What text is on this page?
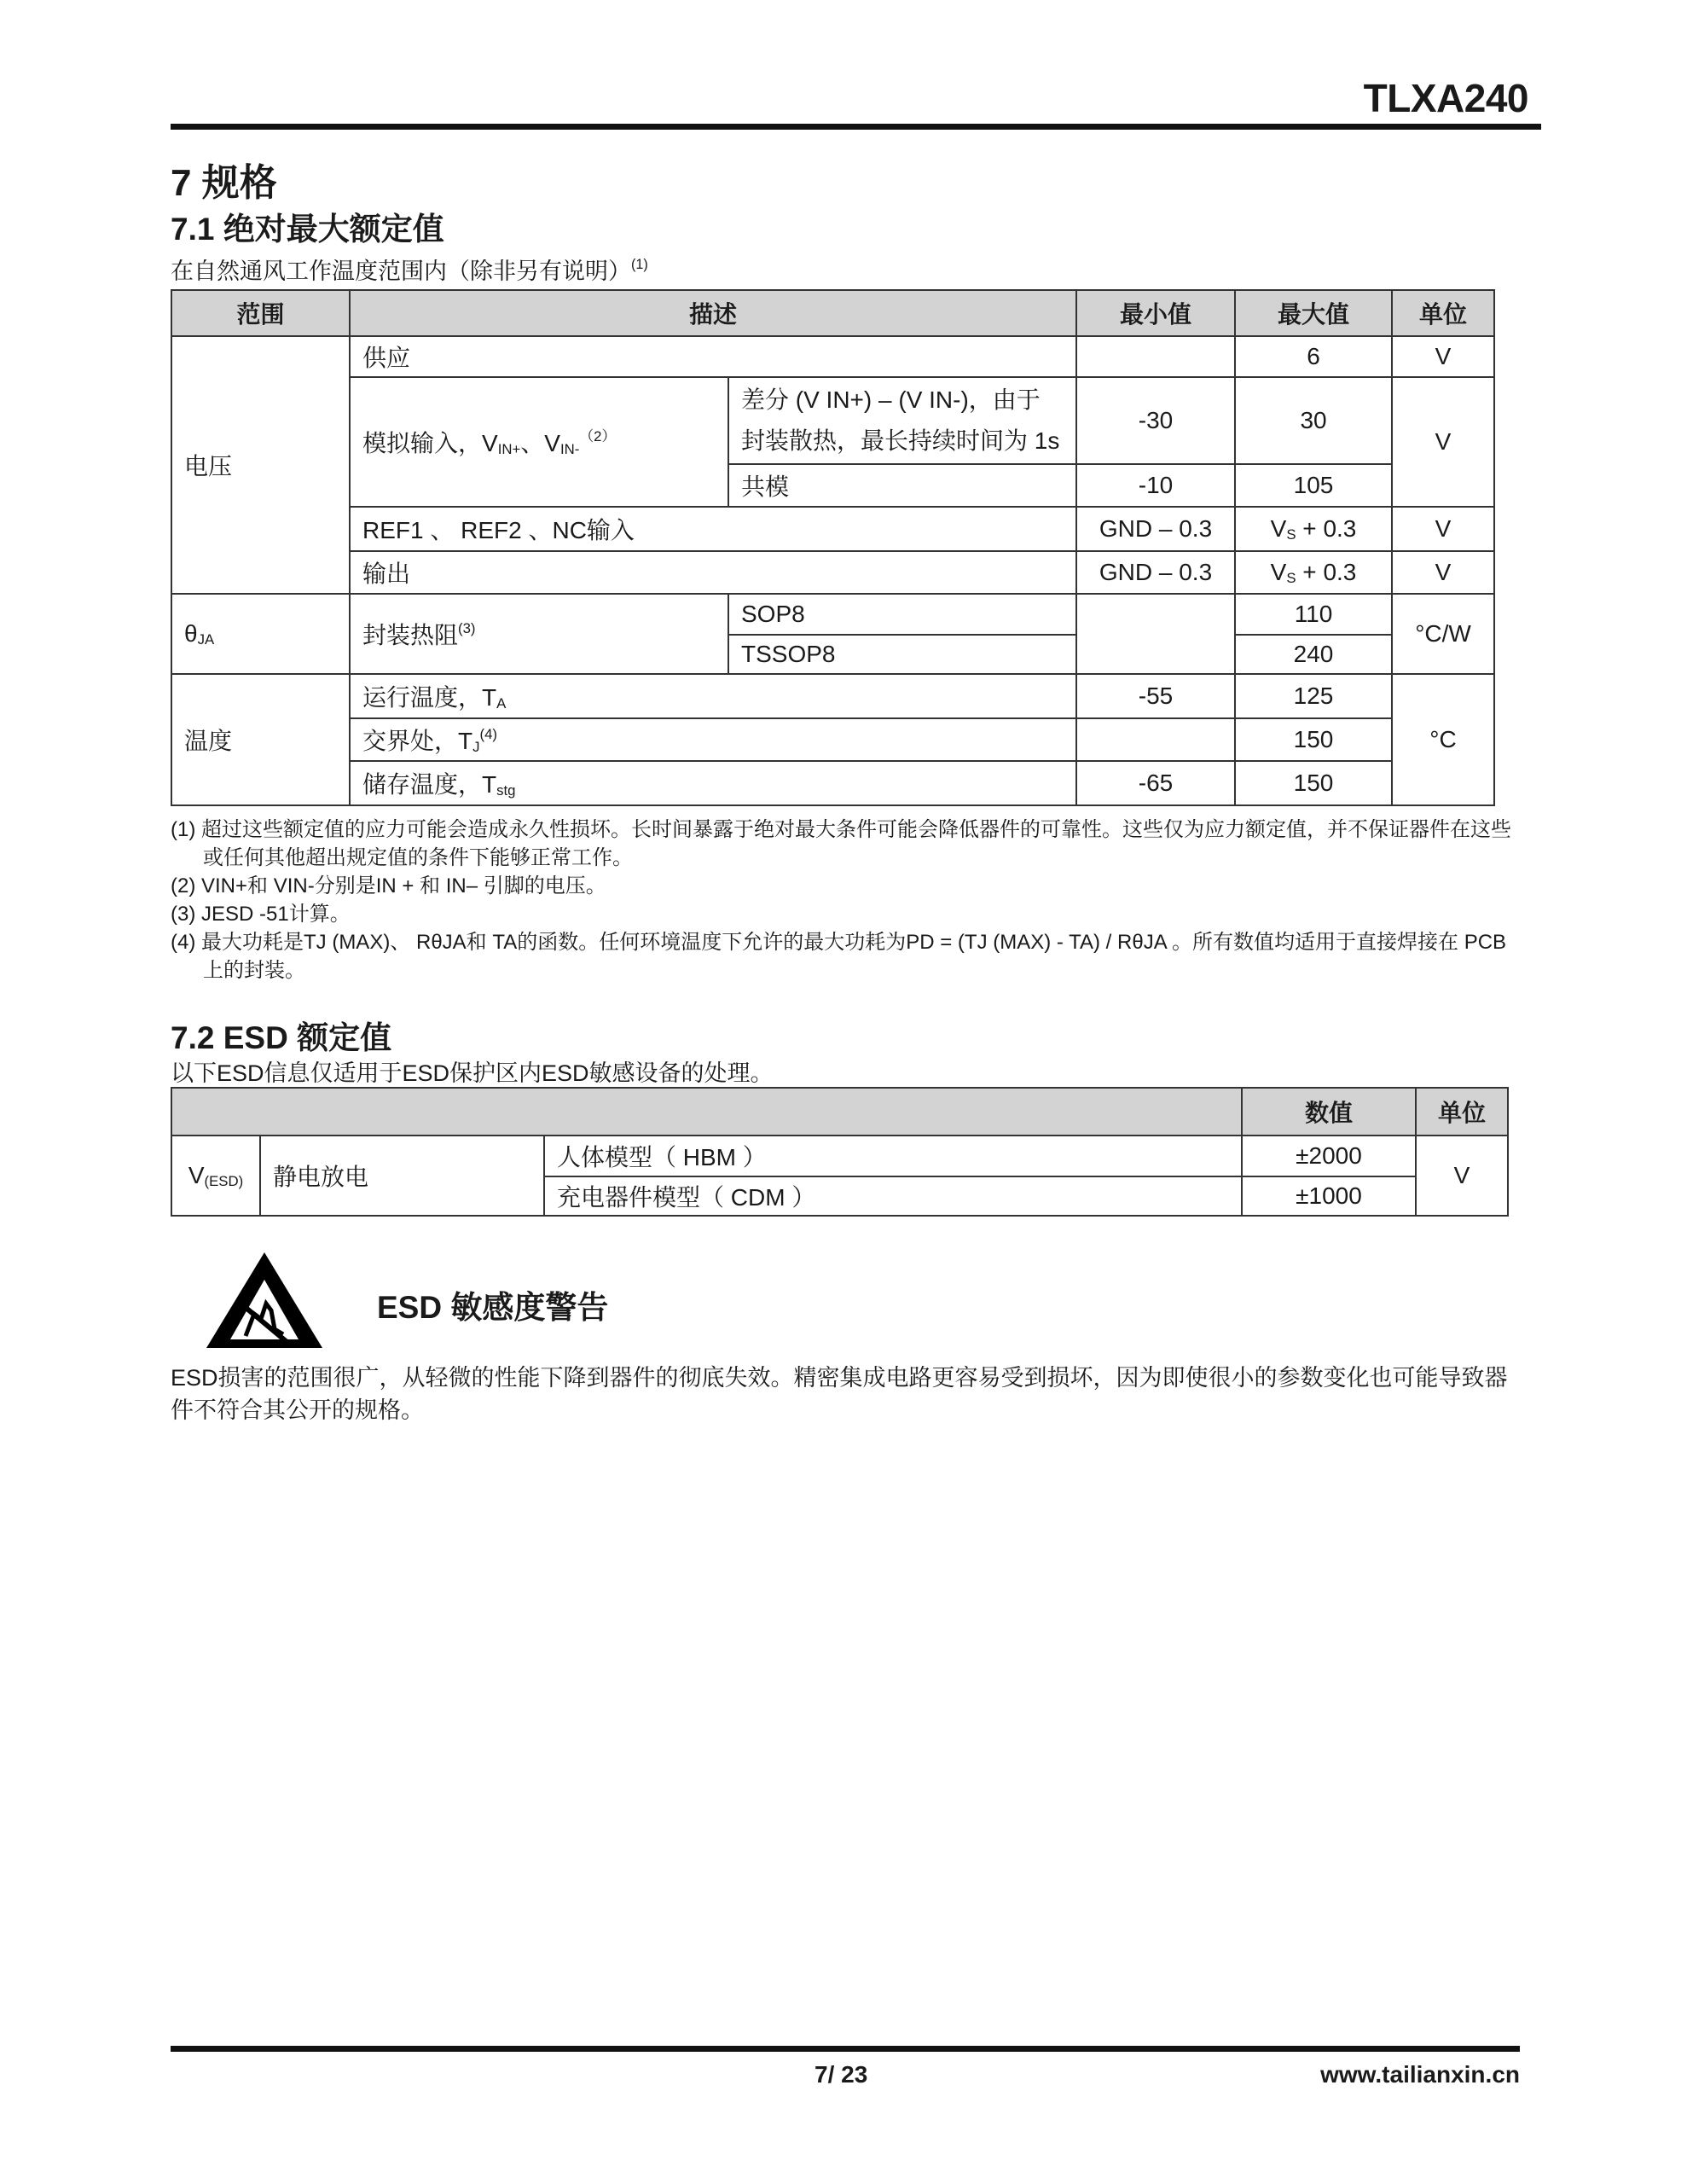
TLXA240
7 规格
7.1 绝对最大额定值
在自然通风工作温度范围内（除非另有说明）$^{(1)}$
范围	描述		最小值	最大值	单位
电压	供应			6	V
	模拟输入，$V_{IN+}$、$V_{IN-}^{(2)}$	差分 (V IN+) – (V IN-)，由于封装散热，最长持续时间为 1s	-30	30	V
		共模	-10	105	
	REF1 、 REF2 、NC输入		GND – 0.3	$V_S + 0.3$	V
	输出		GND – 0.3	$V_S + 0.3$	V
$\theta_{JA}$	封装热阻$^{(3)}$	SOP8		110	°C/W
		TSSOP8		240	
温度	运行温度，$T_A$		-55	125	°C
	交界处，$T_J^{(4)}$			150	
	储存温度，$T_{stg}$		-65	150	
(1) 超过这些额定值的应力可能会造成永久性损坏。长时间暴露于绝对最大条件可能会降低器件的可靠性。这些仅为应力额定值，并不保证器件在这些或任何其他超出规定值的条件下能够正常工作。
(2) VIN+和 VIN-分别是IN + 和 IN– 引脚的电压。
(3) JESD -51计算。
(4) 最大功耗是TJ (MAX)、 RθJA和 TA的函数。任何环境温度下允许的最大功耗为PD = (TJ (MAX) - TA) / RθJA 。所有数值均适用于直接焊接在 PCB 上的封装。
7.2 ESD 额定值
以下ESD信息仅适用于ESD保护区内ESD敏感设备的处理。
			数值	单位
$V_{(ESD)}$	静电放电	人体模型（ HBM ）	±2000	V
		充电器件模型（ CDM ）	±1000	
ESD 敏感度警告
ESD损害的范围很广，从轻微的性能下降到器件的彻底失效。精密集成电路更容易受到损坏，因为即使很小的参数变化也可能导致器件不符合其公开的规格。
7/ 23	www.tailianxin.cn
